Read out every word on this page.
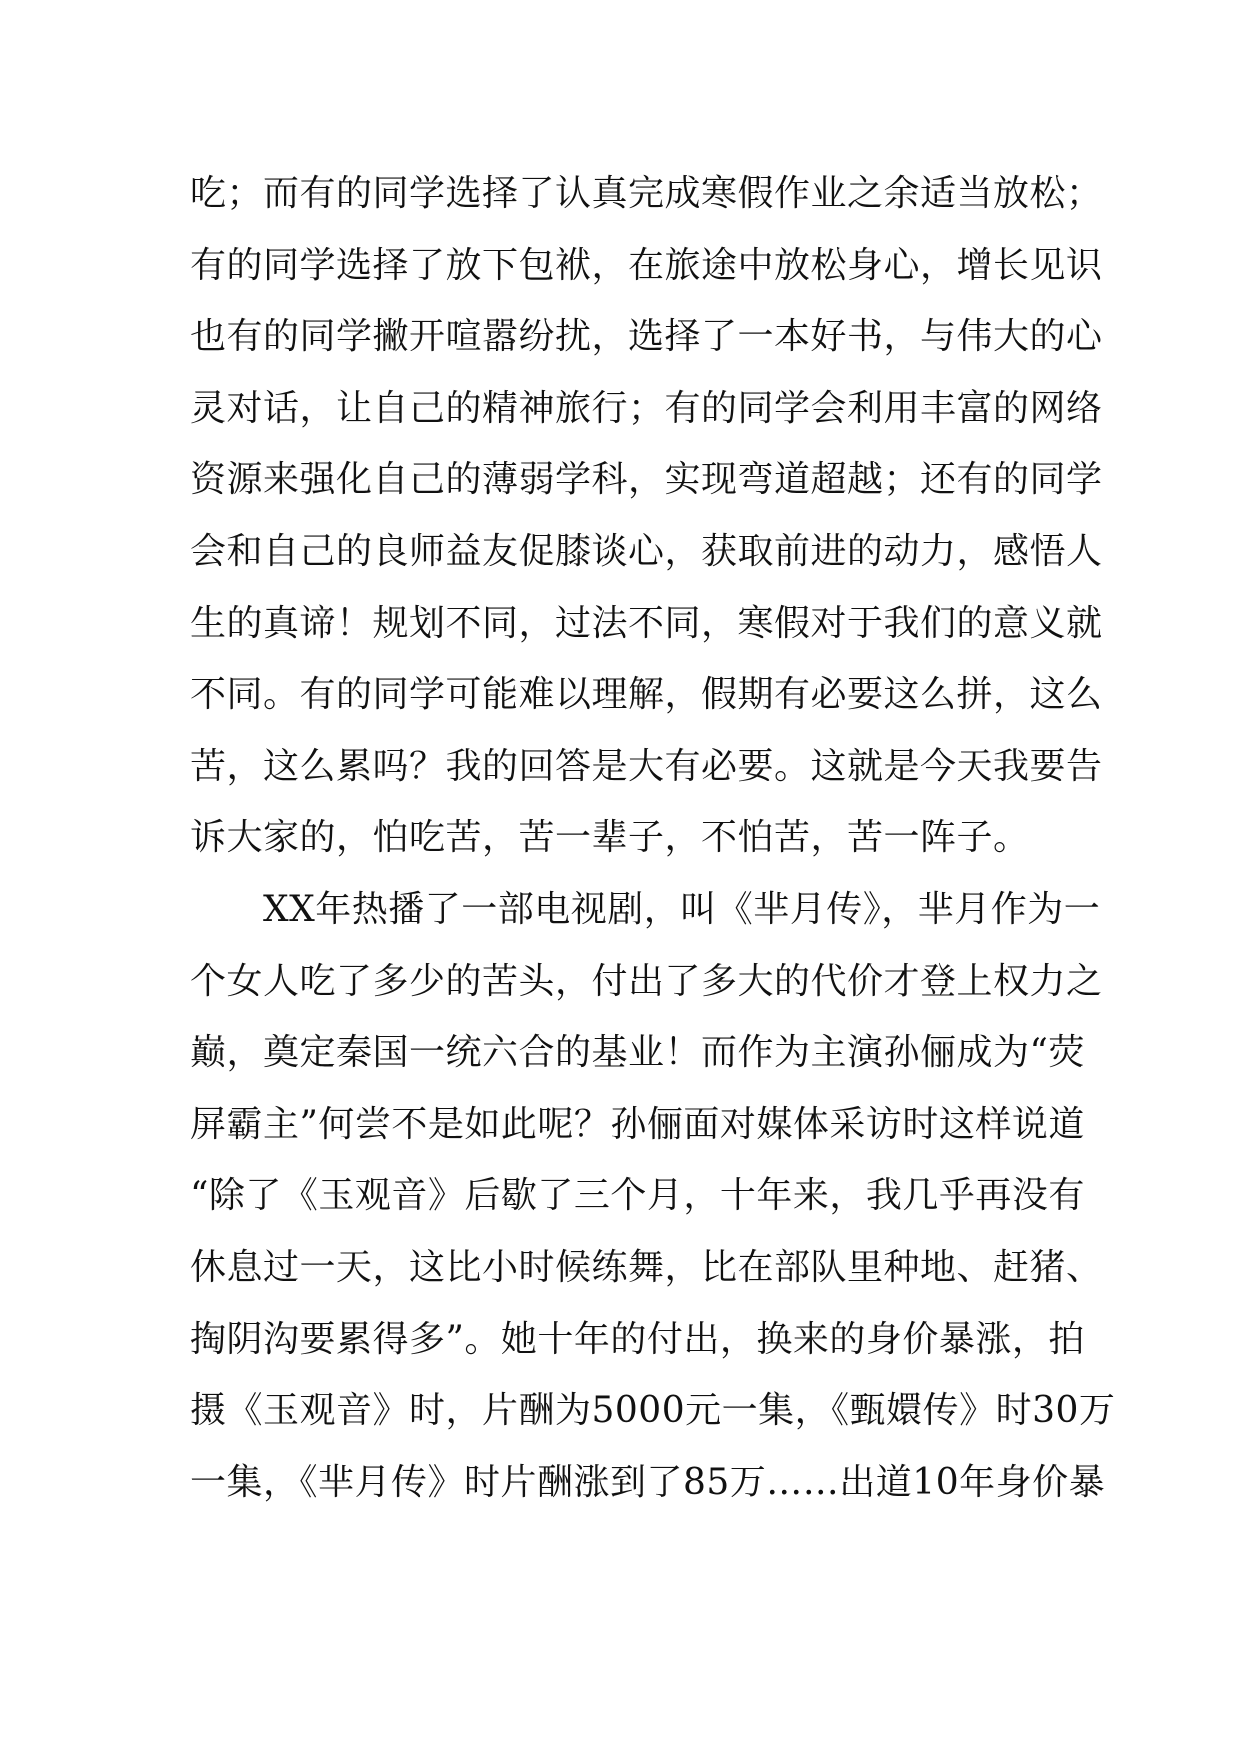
吃；而有的同学选择了认真完成寒假作业之余适当放松；
有的同学选择了放下包袱，在旅途中放松身心，增长见识
也有的同学撇开喧嚣纷扰，选择了一本好书，与伟大的心
灵对话，让自己的精神旅行；有的同学会利用丰富的网络
资源来强化自己的薄弱学科，实现弯道超越；还有的同学
会和自己的良师益友促膝谈心，获取前进的动力，感悟人
生的真谛！规划不同，过法不同，寒假对于我们的意义就
不同。有的同学可能难以理解，假期有必要这么拼，这么
苦，这么累吗？我的回答是大有必要。这就是今天我要告
诉大家的，怕吃苦，苦一辈子，不怕苦，苦一阵子。
　　XX年热播了一部电视剧，叫《芈月传》，芈月作为一
个女人吃了多少的苦头，付出了多大的代价才登上权力之
巅，奠定秦国一统六合的基业！而作为主演孙俪成为“荧
屏霸主”何尝不是如此呢？孙俪面对媒体采访时这样说道
“除了《玉观音》后歇了三个月，十年来，我几乎再没有
休息过一天，这比小时候练舞，比在部队里种地、赶猪、
掏阴沟要累得多”。她十年的付出，换来的身价暴涨，拍
摄《玉观音》时，片酬为5000元一集，《甄嬛传》时30万
一集，《芈月传》时片酬涨到了85万……出道10年身价暴
